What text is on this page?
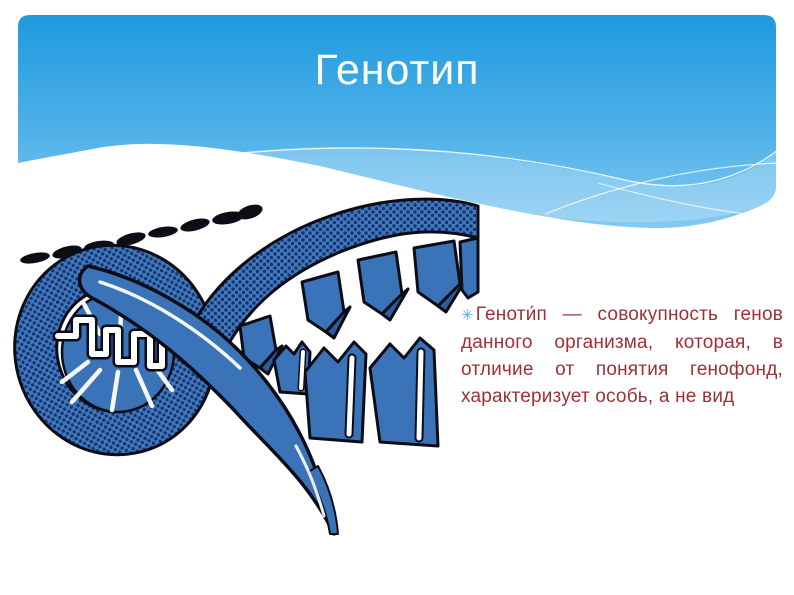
Генотип
✳ Геноти́п — совокупность генов
данного организма, которая, в
отличие от понятия генофонд,
характеризует особь, а не вид
